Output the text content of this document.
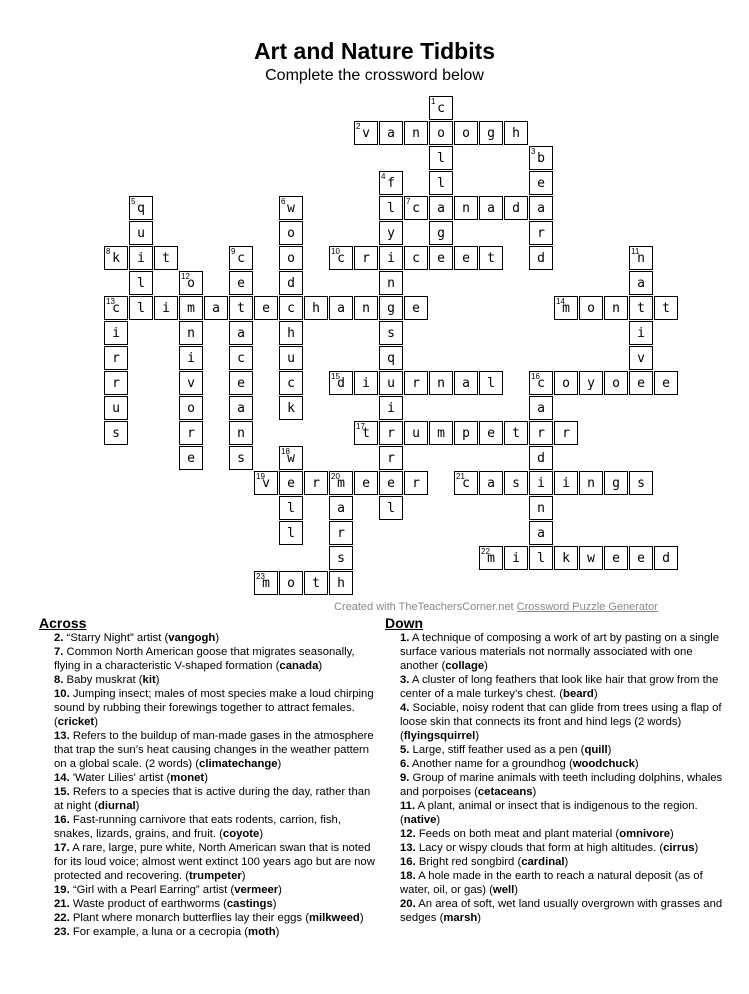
Art and Nature Tidbits
Complete the crossword below
c
1
o
l
l
a
g
e
v
2	a	n	o	g	h
b
3
e
a
r
d
f
4
l
y
i
n
g
s
q
u
i
r
r
e
l
q
5
u
i
l
l
w
6
o
o
d
c
h
u
c
k
c
7	n	a	d
k
8	t	c
9
e
t
a
c
e
a
n
s
c
10	r	c	e	t	n
11
a
t
i
v
e
o
12
m
n
i
v
o
r
e
c
13	i	a	e	h	a	n	e
i
r
r
u
s
m
14	o	n	t
d
15	i	r	n	a	l	c
16	o	y	o	e
a
r
d
i
n
a
l
t
17	u	m	p	e	t	r
w
18
e
l
l
v
19	r	m
20	e	r
a
r
s
h
c
21	a	s	i	n	g	s
m
22	i	k	w	e	e	d
m
23	o	t
Created with TheTeachersCorner.net Crossword Puzzle Generator
Across
2. “Starry Night” artist (vangogh)
7. Common North American goose that migrates seasonally, flying in a characteristic V-shaped formation (canada)
8. Baby muskrat (kit)
10. Jumping insect; males of most species make a loud chirping sound by rubbing their forewings together to attract females. (cricket)
13. Refers to the buildup of man-made gases in the atmosphere that trap the sun’s heat causing changes in the weather pattern on a global scale. (2 words) (climatechange)
14. 'Water Lilies' artist (monet)
15. Refers to a species that is active during the day, rather than at night (diurnal)
16. Fast-running carnivore that eats rodents, carrion, fish, snakes, lizards, grains, and fruit. (coyote)
17. A rare, large, pure white, North American swan that is noted for its loud voice; almost went extinct 100 years ago but are now protected and recovering. (trumpeter)
19. “Girl with a Pearl Earring” artist (vermeer)
21. Waste product of earthworms (castings)
22. Plant where monarch butterflies lay their eggs (milkweed)
23. For example, a luna or a cecropia (moth)
Down
1. A technique of composing a work of art by pasting on a single surface various materials not normally associated with one another (collage)
3. A cluster of long feathers that look like hair that grow from the center of a male turkey’s chest. (beard)
4. Sociable, noisy rodent that can glide from trees using a flap of loose skin that connects its front and hind legs (2 words) (flyingsquirrel)
5. Large, stiff feather used as a pen (quill)
6. Another name for a groundhog (woodchuck)
9. Group of marine animals with teeth including dolphins, whales and porpoises (cetaceans)
11. A plant, animal or insect that is indigenous to the region. (native)
12. Feeds on both meat and plant material (omnivore)
13. Lacy or wispy clouds that form at high altitudes. (cirrus)
16. Bright red songbird (cardinal)
18. A hole made in the earth to reach a natural deposit (as of water, oil, or gas) (well)
20. An area of soft, wet land usually overgrown with grasses and sedges (marsh)
